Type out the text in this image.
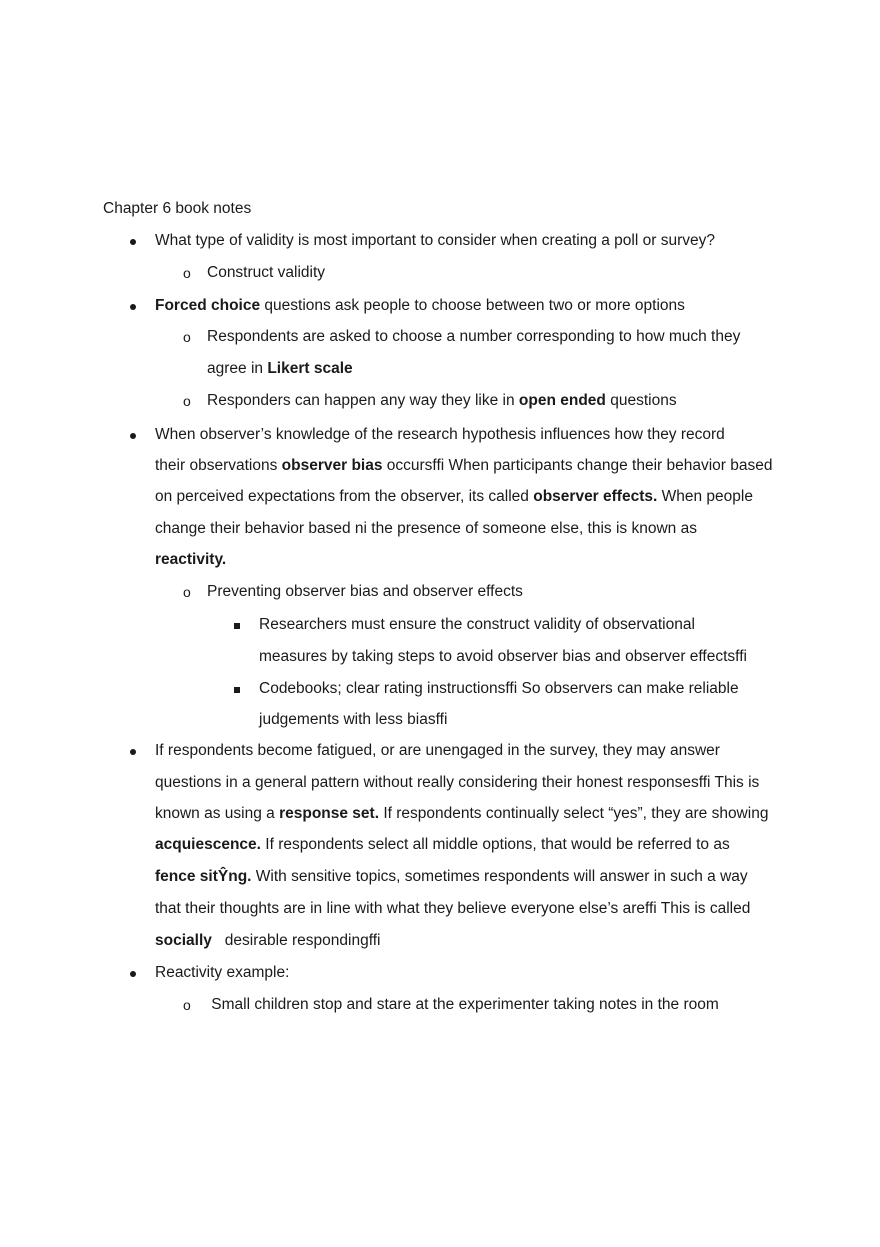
Chapter 6 book notes
What type of validity is most important to consider when creating a poll or survey?
o Construct validity
Forced choice questions ask people to choose between two or more options
o Respondents are asked to choose a number corresponding to how much they
agree in Likert scale
o Responders can happen any way they like in open ended questions
When observer’s knowledge of the research hypothesis influences how they record
their observations observer bias occursffi When participants change their behavior based
on perceived expectations from the observer, its called observer effects. When people
change their behavior based ni the presence of someone else, this is known as
reactivity.
o Preventing observer bias and observer effects
Researchers must ensure the construct validity of observational
measures by taking steps to avoid observer bias and observer effectsffi
Codebooks; clear rating instructionsffi So observers can make reliable
judgements with less biasffi
If respondents become fatigued, or are unengaged in the survey, they may answer
questions in a general pattern without really considering their honest responsesffi This is
known as using a response set. If respondents continually select “yes”, they are showing
acquiescence. If respondents select all middle options, that would be referred to as
fence sitŶng. With sensitive topics, sometimes respondents will answer in such a way
that their thoughts are in line with what they believe everyone else’s areffi This is called
socially   desirable respondingffi
Reactivity example:
o Small children stop and stare at the experimenter taking notes in the room
